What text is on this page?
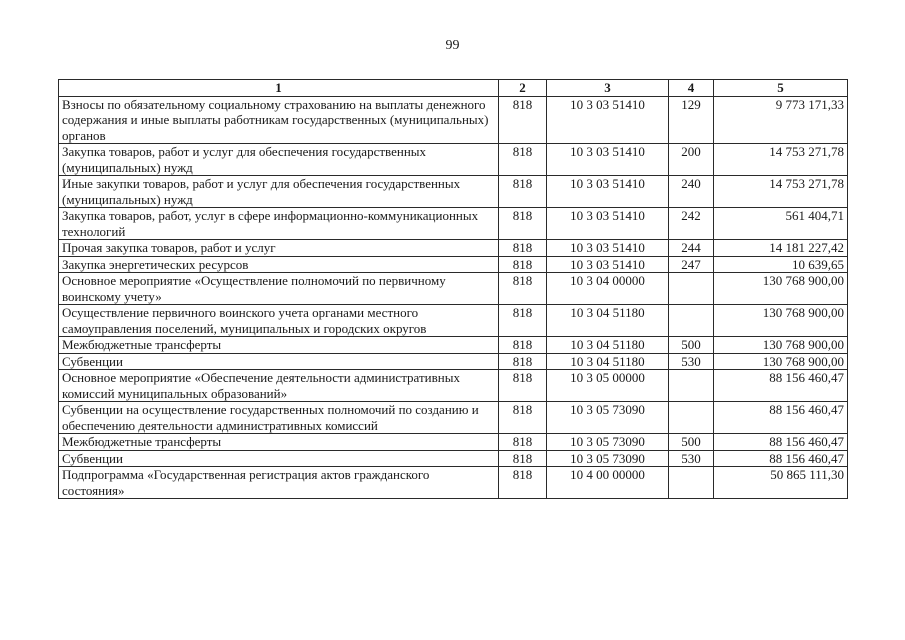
99
1	2	3	4	5
Взносы по обязательному социальному страхованию на выплаты денежного содержания и иные выплаты работникам государственных (муниципальных) органов	818	10 3 03 51410	129	9 773 171,33
Закупка товаров, работ и услуг для обеспечения государственных (муниципальных) нужд	818	10 3 03 51410	200	14 753 271,78
Иные закупки товаров, работ и услуг для обеспечения государственных (муниципальных) нужд	818	10 3 03 51410	240	14 753 271,78
Закупка товаров, работ, услуг в сфере информационно-коммуникационных технологий	818	10 3 03 51410	242	561 404,71
Прочая закупка товаров, работ и услуг	818	10 3 03 51410	244	14 181 227,42
Закупка энергетических ресурсов	818	10 3 03 51410	247	10 639,65
Основное мероприятие «Осуществление полномочий по первичному воинскому учету»	818	10 3 04 00000		130 768 900,00
Осуществление первичного воинского учета органами местного самоуправления поселений, муниципальных и городских округов	818	10 3 04 51180		130 768 900,00
Межбюджетные трансферты	818	10 3 04 51180	500	130 768 900,00
Субвенции	818	10 3 04 51180	530	130 768 900,00
Основное мероприятие «Обеспечение деятельности административных комиссий муниципальных образований»	818	10 3 05 00000		88 156 460,47
Субвенции на осуществление государственных полномочий по созданию и обеспечению деятельности административных комиссий	818	10 3 05 73090		88 156 460,47
Межбюджетные трансферты	818	10 3 05 73090	500	88 156 460,47
Субвенции	818	10 3 05 73090	530	88 156 460,47
Подпрограмма «Государственная регистрация актов гражданского состояния»	818	10 4 00 00000		50 865 111,30
